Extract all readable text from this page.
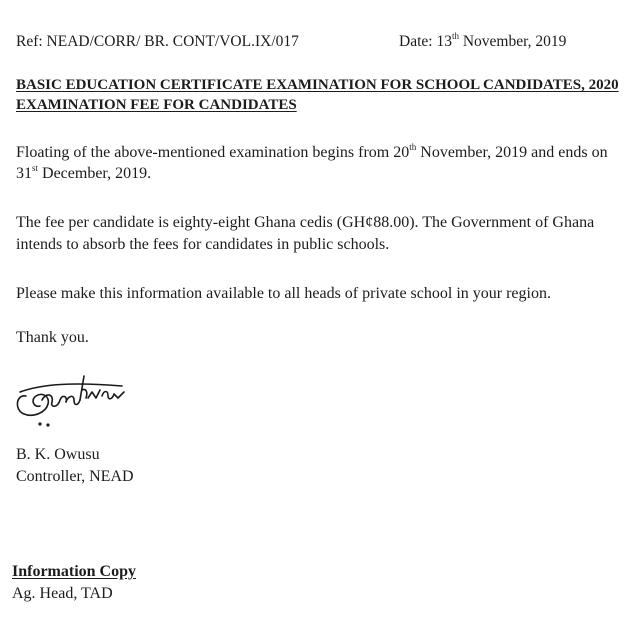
Ref: NEAD/CORR/ BR. CONT/VOL.IX/017	Date: 13th November, 2019
BASIC EDUCATION CERTIFICATE EXAMINATION FOR SCHOOL CANDIDATES, 2020
EXAMINATION FEE FOR CANDIDATES
Floating of the above-mentioned examination begins from 20th November, 2019 and ends on
31st December, 2019.
The fee per candidate is eighty-eight Ghana cedis (GH¢88.00). The Government of Ghana
intends to absorb the fees for candidates in public schools.
Please make this information available to all heads of private school in your region.
Thank you.
B. K. Owusu
Controller, NEAD
Information Copy
Ag. Head, TAD
